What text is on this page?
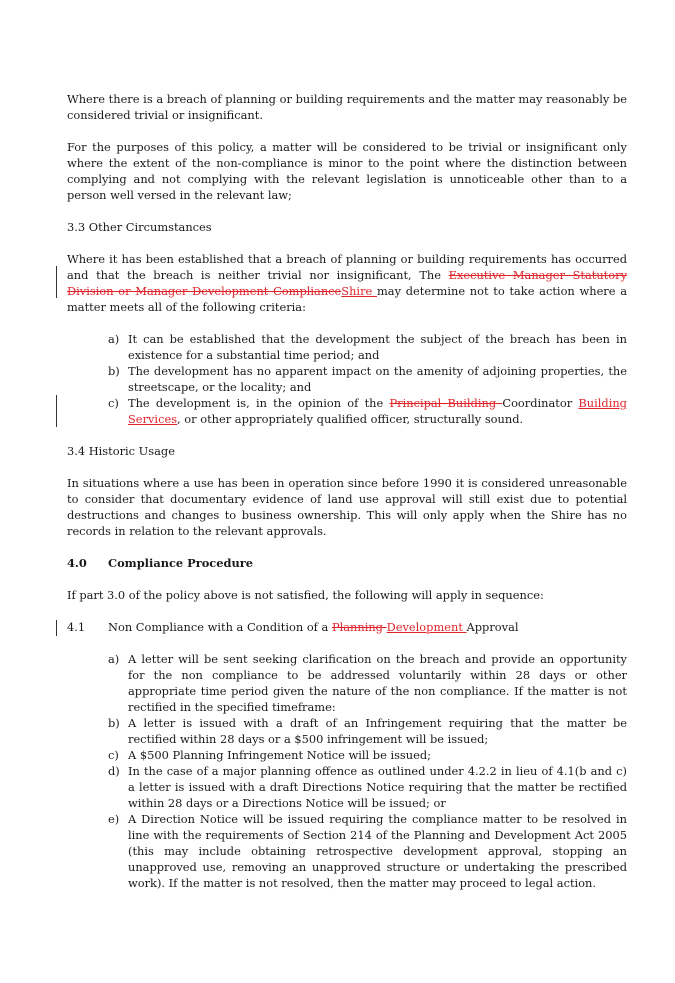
Where there is a breach of planning or building requirements and the matter may reasonably be considered trivial or insignificant.

For the purposes of this policy, a matter will be considered to be trivial or insignificant only where the extent of the non-compliance is minor to the point where the distinction between complying and not complying with the relevant legislation is unnoticeable other than to a person well versed in the relevant law;

3.3 Other Circumstances

Where it has been established that a breach of planning or building requirements has occurred and that the breach is neither trivial nor insignificant, The Executive Manager Statutory Division or Manager Development ComplianceShire may determine not to take action where a matter meets all of the following criteria:

a) It can be established that the development the subject of the breach has been in existence for a substantial time period; and
b) The development has no apparent impact on the amenity of adjoining properties, the streetscape, or the locality; and
c) The development is, in the opinion of the Principal Building Coordinator Building Services, or other appropriately qualified officer, structurally sound.

3.4 Historic Usage

In situations where a use has been in operation since before 1990 it is considered unreasonable to consider that documentary evidence of land use approval will still exist due to potential destructions and changes to business ownership. This will only apply when the Shire has no records in relation to the relevant approvals.

4.0 Compliance Procedure

If part 3.0 of the policy above is not satisfied, the following will apply in sequence:

4.1 Non Compliance with a Condition of a Planning Development Approval

a) A letter will be sent seeking clarification on the breach and provide an opportunity for the non compliance to be addressed voluntarily within 28 days or other appropriate time period given the nature of the non compliance. If the matter is not rectified in the specified timeframe:
b) A letter is issued with a draft of an Infringement requiring that the matter be rectified within 28 days or a $500 infringement will be issued;
c) A $500 Planning Infringement Notice will be issued;
d) In the case of a major planning offence as outlined under 4.2.2 in lieu of 4.1(b and c) a letter is issued with a draft Directions Notice requiring that the matter be rectified within 28 days or a Directions Notice will be issued; or
e) A Direction Notice will be issued requiring the compliance matter to be resolved in line with the requirements of Section 214 of the Planning and Development Act 2005 (this may include obtaining retrospective development approval, stopping an unapproved use, removing an unapproved structure or undertaking the prescribed work). If the matter is not resolved, then the matter may proceed to legal action.
